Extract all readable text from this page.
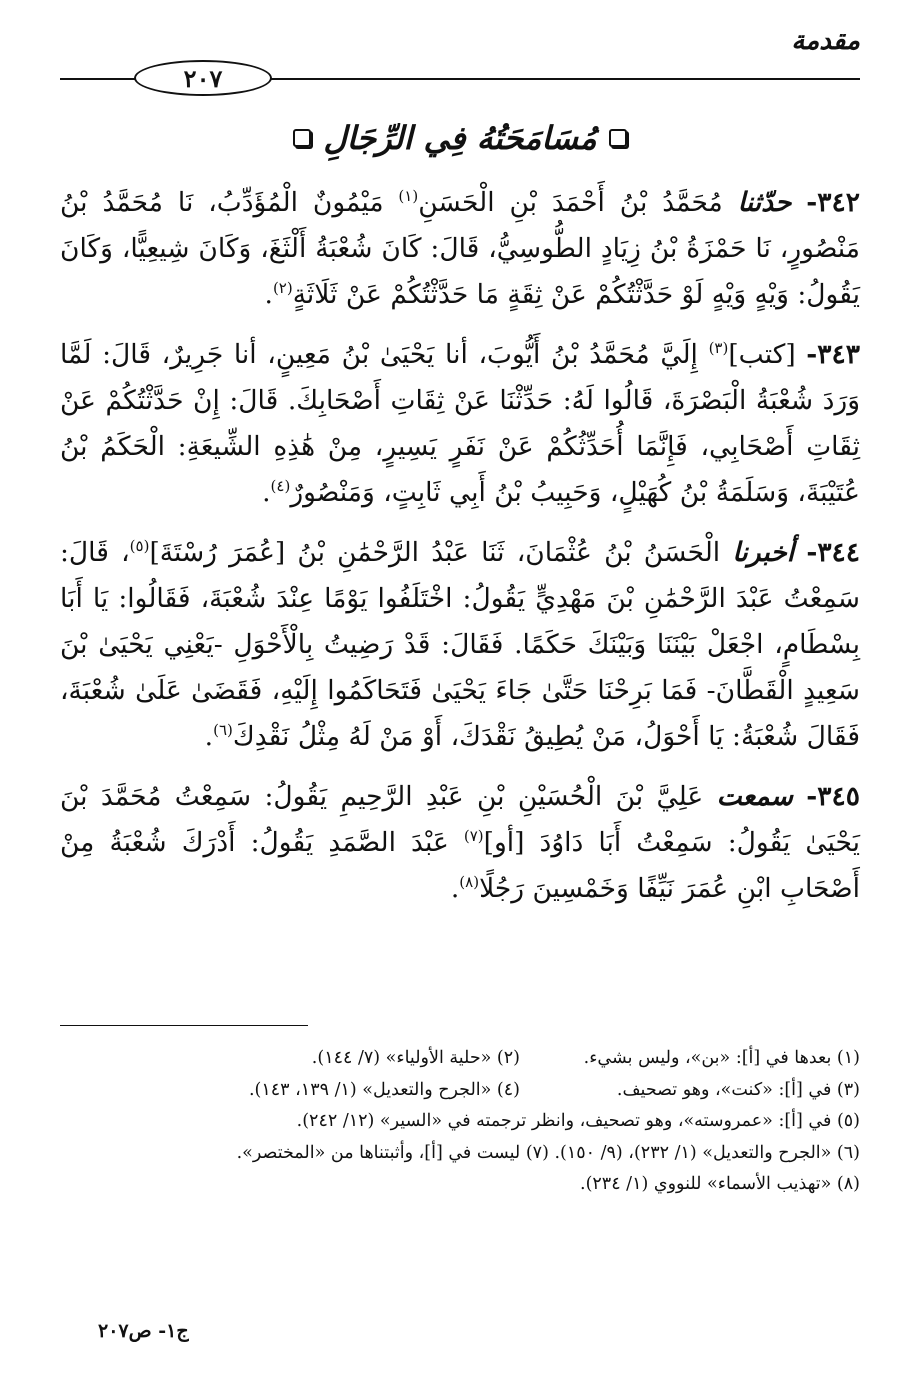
مقدمة
٢٠٧
مُسَامَحَتُهُ فِي الرِّجَالِ

٣٤٢- حدّثنا مُحَمَّدُ بْنُ أَحْمَدَ بْنِ الْحَسَنِ$^{(١)}$ مَيْمُونٌ الْمُؤَدِّبُ، نَا مُحَمَّدُ بْنُ مَنْصُورٍ، نَا حَمْزَةُ بْنُ زِيَادٍ الطُّوسِيُّ، قَالَ: كَانَ شُعْبَةُ أَلْثَغَ، وَكَانَ شِيعِيًّا، وَكَانَ يَقُولُ: وَيْهٍ وَيْهٍ لَوْ حَدَّثْتُكُمْ عَنْ ثِقَةٍ مَا حَدَّثْتُكُمْ عَنْ ثَلَاثَةٍ$^{(٢)}$.

٣٤٣- [كتب]$^{(٣)}$ إِلَيَّ مُحَمَّدُ بْنُ أَيُّوبَ، أنا يَحْيَىٰ بْنُ مَعِينٍ، أنا جَرِيرٌ، قَالَ: لَمَّا وَرَدَ شُعْبَةُ الْبَصْرَةَ، قَالُوا لَهُ: حَدِّثْنَا عَنْ ثِقَاتِ أَصْحَابِكَ. قَالَ: إِنْ حَدَّثْتُكُمْ عَنْ ثِقَاتِ أَصْحَابِي، فَإِنَّمَا أُحَدِّثُكُمْ عَنْ نَفَرٍ يَسِيرٍ، مِنْ هَٰذِهِ الشِّيعَةِ: الْحَكَمُ بْنُ عُتَيْبَةَ، وَسَلَمَةُ بْنُ كُهَيْلٍ، وَحَبِيبُ بْنُ أَبِي ثَابِتٍ، وَمَنْصُورٌ$^{(٤)}$.

٣٤٤- أخبرنا الْحَسَنُ بْنُ عُثْمَانَ، ثَنَا عَبْدُ الرَّحْمَٰنِ بْنُ [عُمَرَ رُسْتَةَ]$^{(٥)}$، قَالَ: سَمِعْتُ عَبْدَ الرَّحْمَٰنِ بْنَ مَهْدِيٍّ يَقُولُ: اخْتَلَفُوا يَوْمًا عِنْدَ شُعْبَةَ، فَقَالُوا: يَا أَبَا بِسْطَامٍ، اجْعَلْ بَيْنَنَا وَبَيْنَكَ حَكَمًا. فَقَالَ: قَدْ رَضِيتُ بِالْأَحْوَلِ -يَعْنِي يَحْيَىٰ بْنَ سَعِيدٍ الْقَطَّانَ- فَمَا بَرِحْنَا حَتَّىٰ جَاءَ يَحْيَىٰ فَتَحَاكَمُوا إِلَيْهِ، فَقَضَىٰ عَلَىٰ شُعْبَةَ، فَقَالَ شُعْبَةُ: يَا أَحْوَلُ، مَنْ يُطِيقُ نَقْدَكَ، أَوْ مَنْ لَهُ مِثْلُ نَقْدِكَ$^{(٦)}$.

٣٤٥- سمعت عَلِيَّ بْنَ الْحُسَيْنِ بْنِ عَبْدِ الرَّحِيمِ يَقُولُ: سَمِعْتُ مُحَمَّدَ بْنَ يَحْيَىٰ يَقُولُ: سَمِعْتُ أَبَا دَاوُدَ [أو]$^{(٧)}$ عَبْدَ الصَّمَدِ يَقُولُ: أَدْرَكَ شُعْبَةُ مِنْ أَصْحَابِ ابْنِ عُمَرَ نَيِّفًا وَخَمْسِينَ رَجُلًا$^{(٨)}$.

(١) بعدها في [أ]: «بن»، وليس بشيء.
(٢) «حلية الأولياء» (٧/ ١٤٤).
(٣) في [أ]: «كنت»، وهو تصحيف.
(٤) «الجرح والتعديل» (١/ ١٣٩، ١٤٣).
(٥) في [أ]: «عمروسته»، وهو تصحيف، وانظر ترجمته في «السير» (١٢/ ٢٤٢).
(٦) «الجرح والتعديل» (١/ ٢٣٢)، (٩/ ١٥٠). (٧) ليست في [أ]، وأثبتناها من «المختصر».
(٨) «تهذيب الأسماء» للنووي (١/ ٢٣٤).
ج١- ص٢٠٧
